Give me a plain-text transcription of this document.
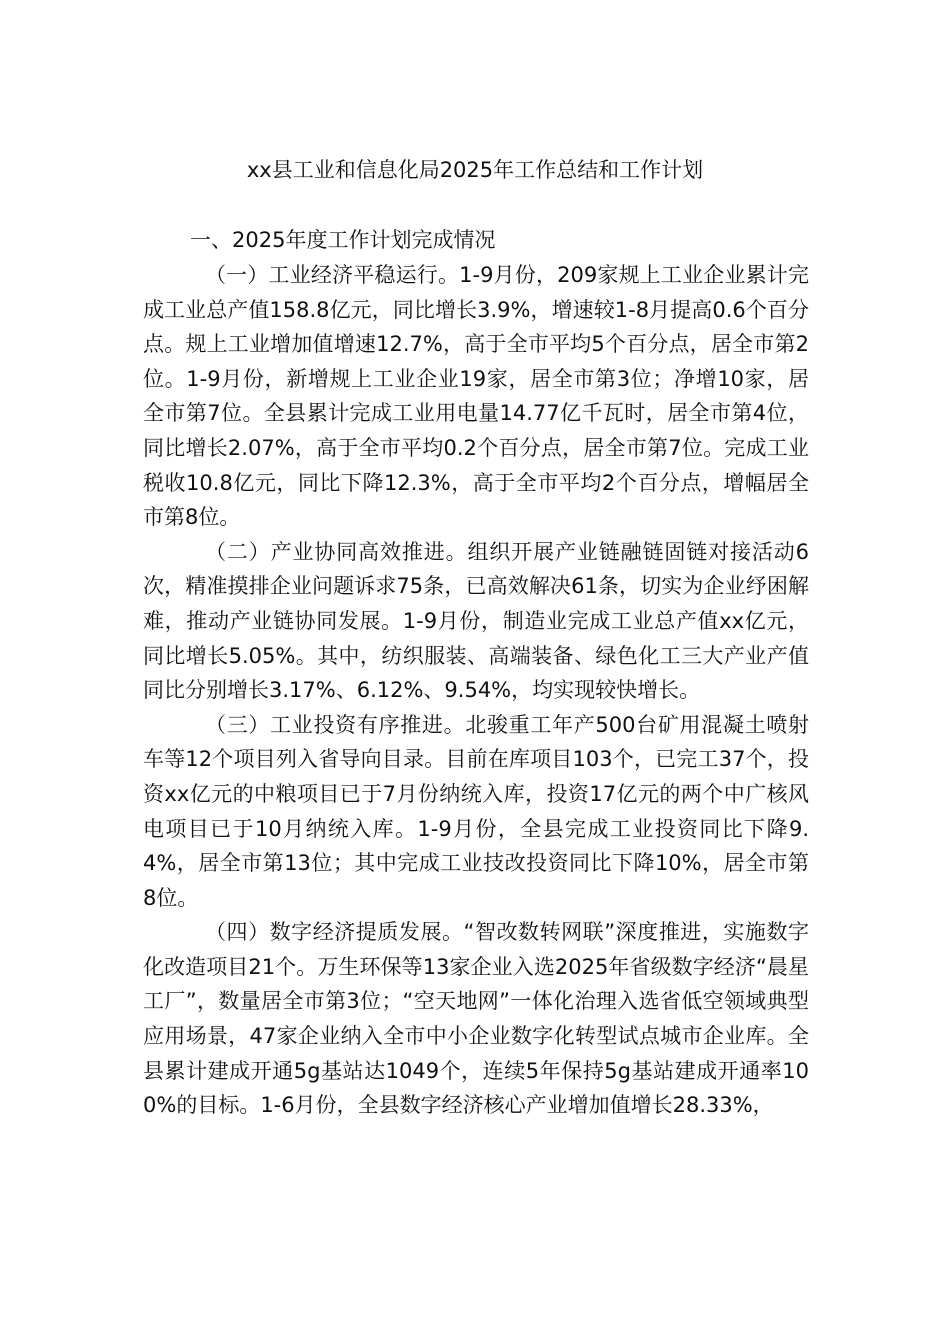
xx县工业和信息化局2025年工作总结和工作计划

一、2025年度工作计划完成情况

（一）工业经济平稳运行。1-9月份，209家规上工业企业累计完成工业总产值158.8亿元，同比增长3.9%，增速较1-8月提高0.6个百分点。规上工业增加值增速12.7%，高于全市平均5个百分点，居全市第2位。1-9月份，新增规上工业企业19家，居全市第3位；净增10家，居全市第7位。全县累计完成工业用电量14.77亿千瓦时，居全市第4位，同比增长2.07%，高于全市平均0.2个百分点，居全市第7位。完成工业税收10.8亿元，同比下降12.3%，高于全市平均2个百分点，增幅居全市第8位。

（二）产业协同高效推进。组织开展产业链融链固链对接活动6次，精准摸排企业问题诉求75条，已高效解决61条，切实为企业纾困解难，推动产业链协同发展。1-9月份，制造业完成工业总产值xx亿元，同比增长5.05%。其中，纺织服装、高端装备、绿色化工三大产业产值同比分别增长3.17%、6.12%、9.54%，均实现较快增长。

（三）工业投资有序推进。北骏重工年产500台矿用混凝土喷射车等12个项目列入省导向目录。目前在库项目103个，已完工37个，投资xx亿元的中粮项目已于7月份纳统入库，投资17亿元的两个中广核风电项目已于10月纳统入库。1-9月份，全县完成工业投资同比下降9.4%，居全市第13位；其中完成工业技改投资同比下降10%，居全市第8位。

（四）数字经济提质发展。“智改数转网联”深度推进，实施数字化改造项目21个。万生环保等13家企业入选2025年省级数字经济“晨星工厂”，数量居全市第3位；“空天地网”一体化治理入选省低空领域典型应用场景，47家企业纳入全市中小企业数字化转型试点城市企业库。全县累计建成开通5g基站达1049个，连续5年保持5g基站建成开通率100%的目标。1-6月份，全县数字经济核心产业增加值增长28.33%，
